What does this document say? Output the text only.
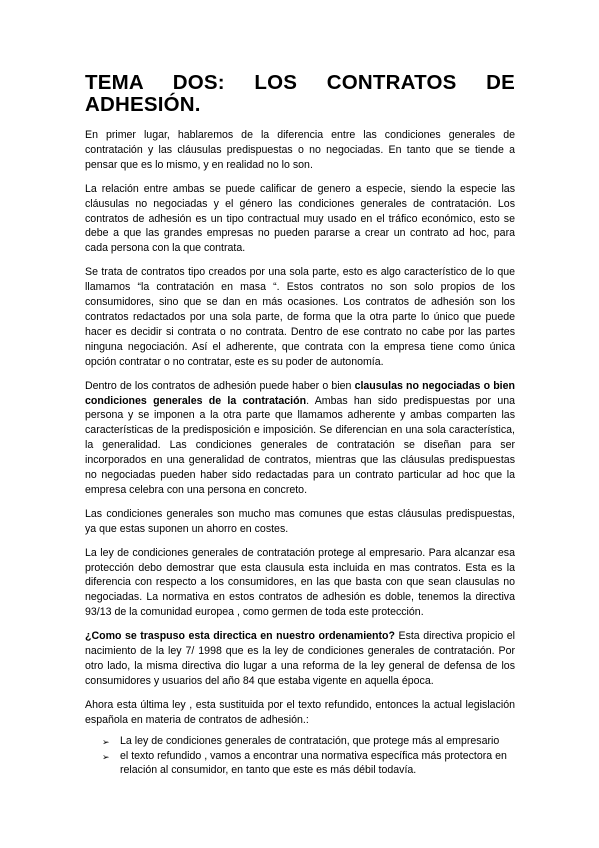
TEMA DOS: LOS CONTRATOS DE ADHESIÓN.

En primer lugar, hablaremos de la diferencia entre las condiciones generales de contratación y las cláusulas predispuestas o no negociadas. En tanto que se tiende a pensar que es lo mismo, y en realidad no lo son.

La relación entre ambas se puede calificar de genero a especie, siendo la especie las cláusulas no negociadas y el género las condiciones generales de contratación. Los contratos de adhesión es un tipo contractual muy usado en el tráfico económico, esto se debe a que las grandes empresas no pueden pararse a crear un contrato ad hoc, para cada persona con la que contrata.

Se trata de contratos tipo creados por una sola parte, esto es algo característico de lo que llamamos “la contratación en masa “. Estos contratos no son solo propios de los consumidores, sino que se dan en más ocasiones. Los contratos de adhesión son los contratos redactados por una sola parte, de forma que la otra parte lo único que puede hacer es decidir si contrata o no contrata. Dentro de ese contrato no cabe por las partes ninguna negociación. Así el adherente, que contrata con la empresa tiene como única opción contratar o no contratar, este es su poder de autonomía.

Dentro de los contratos de adhesión puede haber o bien clausulas no negociadas o bien condiciones generales de la contratación. Ambas han sido predispuestas por una persona y se imponen a la otra parte que llamamos adherente y ambas comparten las características de la predisposición e imposición. Se diferencian en una sola característica, la generalidad. Las condiciones generales de contratación se diseñan para ser incorporados en una generalidad de contratos, mientras que las cláusulas predispuestas no negociadas pueden haber sido redactadas para un contrato particular ad hoc que la empresa celebra con una persona en concreto.

Las condiciones generales son mucho mas comunes que estas cláusulas predispuestas, ya que estas suponen un ahorro en costes.

La ley de condiciones generales de contratación protege al empresario. Para alcanzar esa protección debo demostrar que esta clausula esta incluida en mas contratos. Esta es la diferencia con respecto a los consumidores, en las que basta con que sean clausulas no negociadas. La normativa en estos contratos de adhesión es doble, tenemos la directiva 93/13 de la comunidad europea , como germen de toda este protección.

¿Como se traspuso esta directica en nuestro ordenamiento? Esta directiva propicio el nacimiento de la ley 7/ 1998 que es la ley de condiciones generales de contratación. Por otro lado, la misma directiva dio lugar a una reforma de la ley general de defensa de los consumidores y usuarios del año 84 que estaba vigente en aquella época.

Ahora esta última ley , esta sustituida por el texto refundido, entonces la actual legislación española en materia de contratos de adhesión.:

➢ La ley de condiciones generales de contratación, que protege más al empresario
➢ el texto refundido , vamos a encontrar una normativa específica más protectora en relación al consumidor, en tanto que este es más débil todavía.
